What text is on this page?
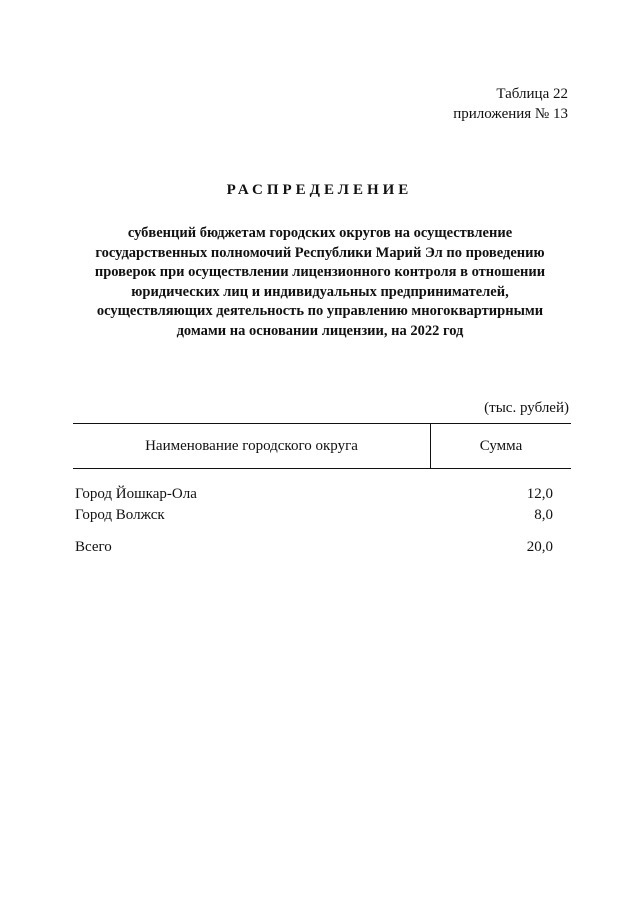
Таблица 22
приложения № 13
РАСПРЕДЕЛЕНИЕ
субвенций бюджетам городских округов на осуществление
государственных полномочий Республики Марий Эл по проведению
проверок при осуществлении лицензионного контроля в отношении
юридических лиц и индивидуальных предпринимателей,
осуществляющих деятельность по управлению многоквартирными
домами на основании лицензии, на 2022 год
(тыс. рублей)
Наименование городского округа	Сумма
Город Йошкар-Ола	12,0
Город Волжск	8,0
Всего	20,0
